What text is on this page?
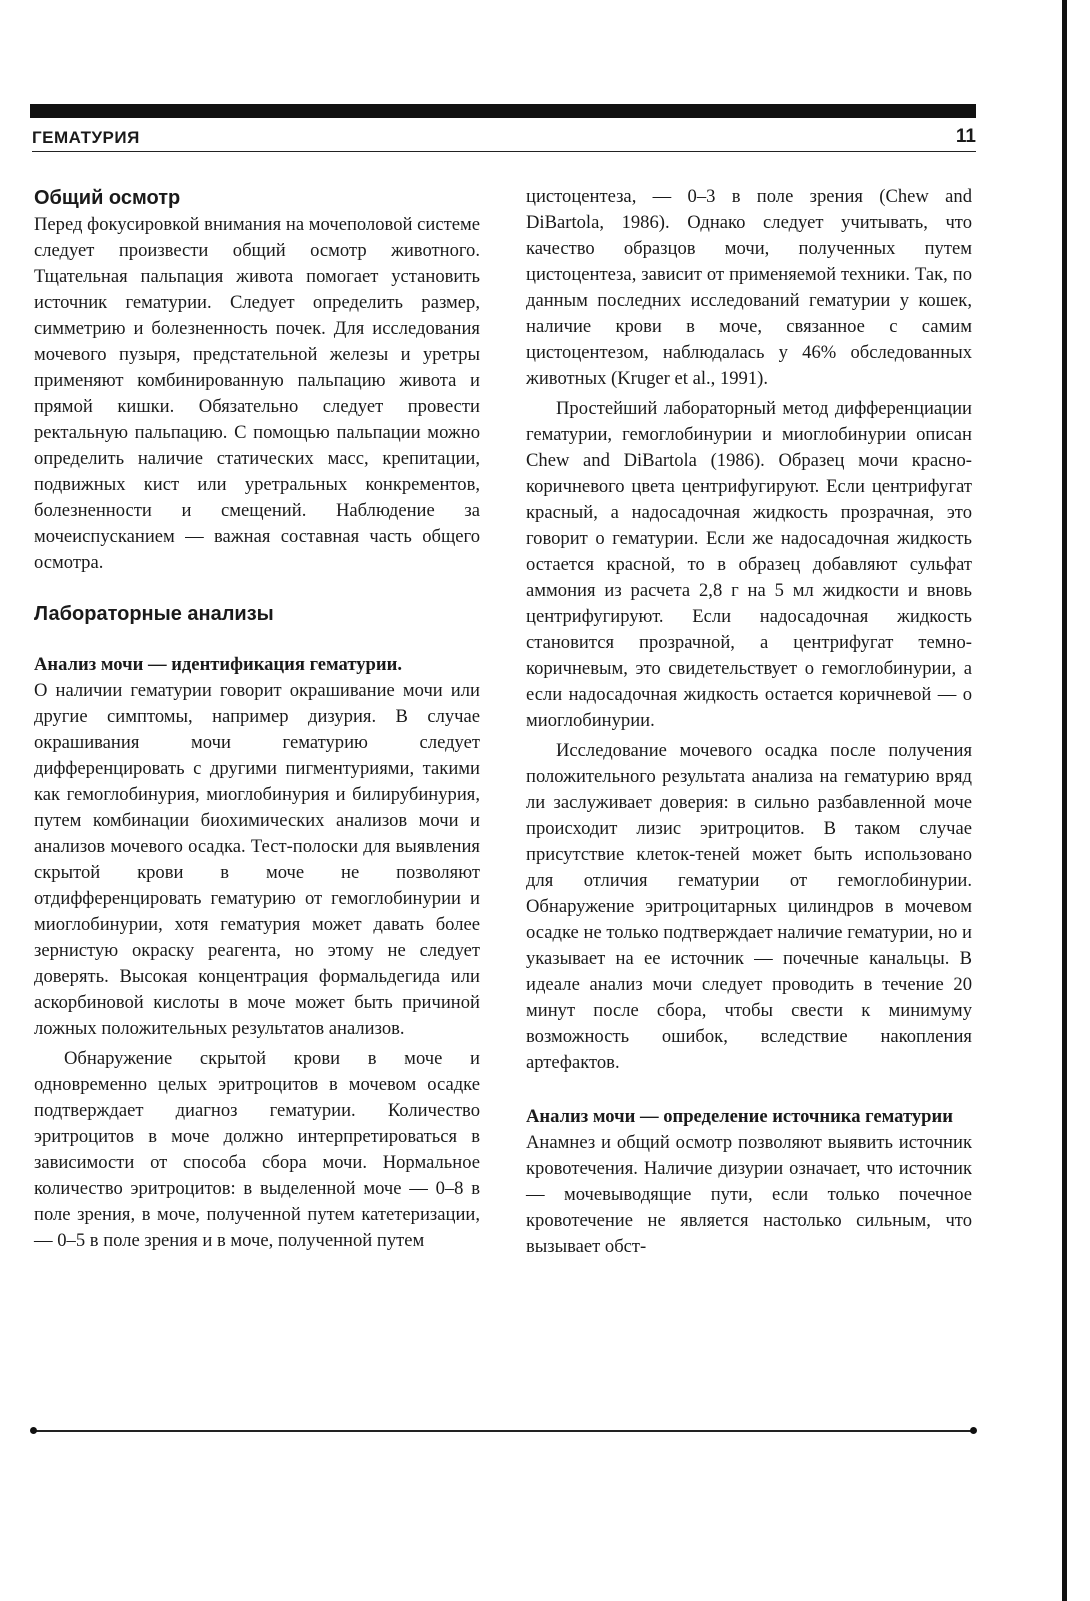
ГЕМАТУРИЯ	11
Общий осмотр

Перед фокусировкой внимания на мочеполовой системе следует произвести общий осмотр животного. Тщательная пальпация живота помогает установить источник гематурии. Следует определить размер, симметрию и болезненность почек. Для исследования мочевого пузыря, предстательной железы и уретры применяют комбинированную пальпацию живота и прямой кишки. Обязательно следует провести ректальную пальпацию. С помощью пальпации можно определить наличие статических масс, крепитации, подвижных кист или уретральных конкрементов, болезненности и смещений. Наблюдение за мочеиспусканием — важная составная часть общего осмотра.

Лабораторные анализы
Анализ мочи — идентификация гематурии.

О наличии гематурии говорит окрашивание мочи или другие симптомы, например дизурия. В случае окрашивания мочи гематурию следует дифференцировать с другими пигментуриями, такими как гемоглобинурия, миоглобинурия и билирубинурия, путем комбинации биохимических анализов мочи и анализов мочевого осадка. Тест-полоски для выявления скрытой крови в моче не позволяют отдифференцировать гематурию от гемоглобинурии и миоглобинурии, хотя гематурия может давать более зернистую окраску реагента, но этому не следует доверять. Высокая концентрация формальдегида или аскорбиновой кислоты в моче может быть причиной ложных положительных результатов анализов.

Обнаружение скрытой крови в моче и одновременно целых эритроцитов в мочевом осадке подтверждает диагноз гематурии. Количество эритроцитов в моче должно интерпретироваться в зависимости от способа сбора мочи. Нормальное количество эритроцитов: в выделенной моче — 0–8 в поле зрения, в моче, полученной путем катетеризации, — 0–5 в поле зрения и в моче, полученной путем

цистоцентеза, — 0–3 в поле зрения (Chew and DiBartola, 1986). Однако следует учитывать, что качество образцов мочи, полученных путем цистоцентеза, зависит от применяемой техники. Так, по данным последних исследований гематурии у кошек, наличие крови в моче, связанное с самим цистоцентезом, наблюдалась у 46% обследованных животных (Kruger et al., 1991).

Простейший лабораторный метод дифференциации гематурии, гемоглобинурии и миоглобинурии описан Chew and DiBartola (1986). Образец мочи красно-коричневого цвета центрифугируют. Если центрифугат красный, а надосадочная жидкость прозрачная, это говорит о гематурии. Если же надосадочная жидкость остается красной, то в образец добавляют сульфат аммония из расчета 2,8 г на 5 мл жидкости и вновь центрифугируют. Если надосадочная жидкость становится прозрачной, а центрифугат темно-коричневым, это свидетельствует о гемоглобинурии, а если надосадочная жидкость остается коричневой — о миоглобинурии.

Исследование мочевого осадка после получения положительного результата анализа на гематурию вряд ли заслуживает доверия: в сильно разбавленной моче происходит лизис эритроцитов. В таком случае присутствие клеток-теней может быть использовано для отличия гематурии от гемоглобинурии. Обнаружение эритроцитарных цилиндров в мочевом осадке не только подтверждает наличие гематурии, но и указывает на ее источник — почечные канальцы. В идеале анализ мочи следует проводить в течение 20 минут после сбора, чтобы свести к минимуму возможность ошибок, вследствие накопления артефактов.

Анализ мочи — определение источника гематурии

Анамнез и общий осмотр позволяют выявить источник кровотечения. Наличие дизурии означает, что источник — мочевыводящие пути, если только почечное кровотечение не является настолько сильным, что вызывает обст-
